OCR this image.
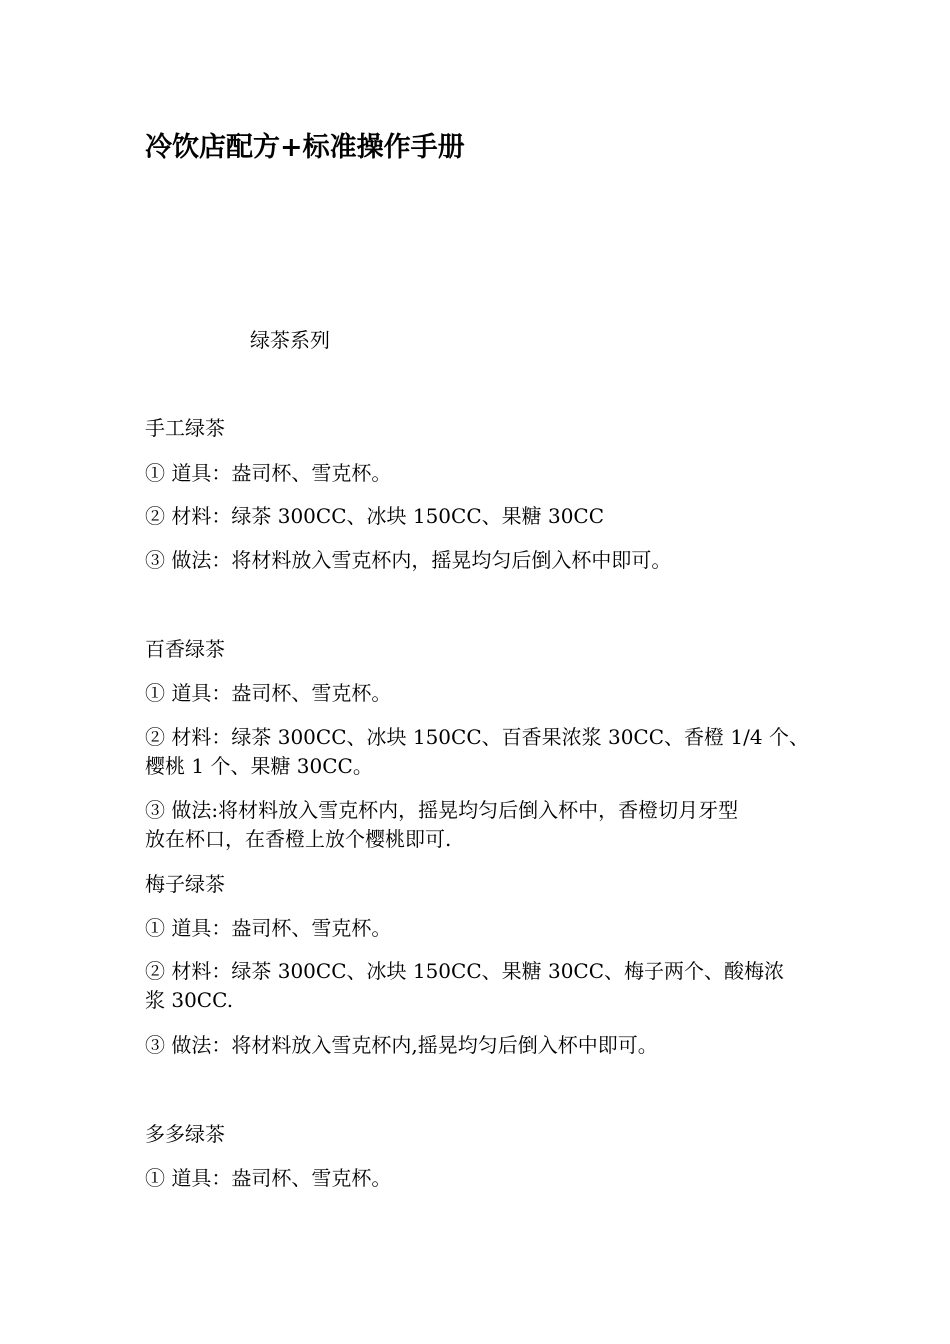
冷饮店配方+标准操作手册
绿茶系列
手工绿茶
① 道具：盎司杯、雪克杯。
② 材料：绿茶 300CC、冰块 150CC、果糖 30CC
③ 做法：将材料放入雪克杯内，摇晃均匀后倒入杯中即可。
百香绿茶
① 道具：盎司杯、雪克杯。
② 材料：绿茶 300CC、冰块 150CC、百香果浓浆 30CC、香橙 1/4 个、
樱桃 1 个、果糖 30CC。
③ 做法:将材料放入雪克杯内，摇晃均匀后倒入杯中，香橙切月牙型
放在杯口，在香橙上放个樱桃即可.
梅子绿茶
① 道具：盎司杯、雪克杯。
② 材料：绿茶 300CC、冰块 150CC、果糖 30CC、梅子两个、酸梅浓
浆 30CC.
③ 做法：将材料放入雪克杯内,摇晃均匀后倒入杯中即可。
多多绿茶
① 道具：盎司杯、雪克杯。
